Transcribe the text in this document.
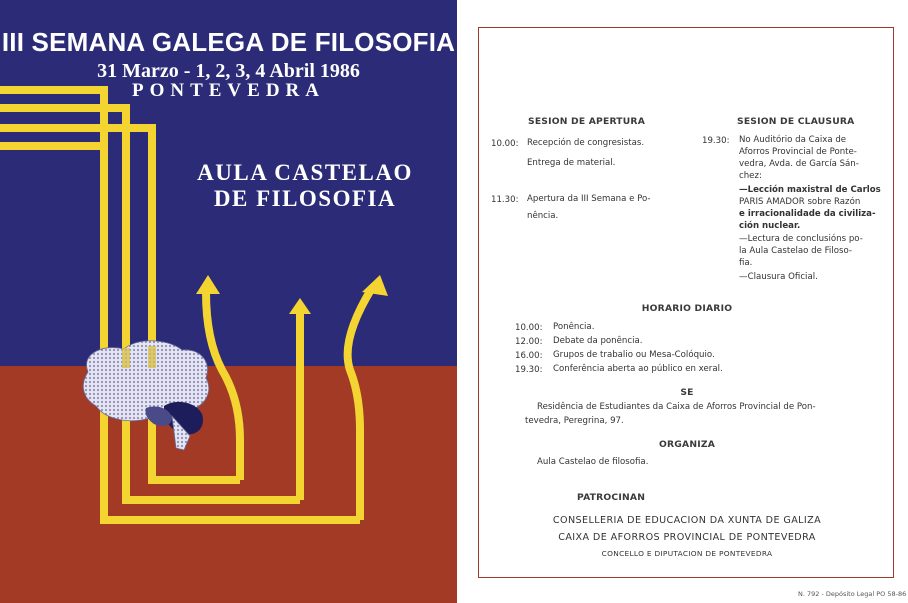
III SEMANA GALEGA DE FILOSOFIA
31 Marzo - 1, 2, 3, 4 Abril 1986
PONTEVEDRA
AULA CASTELAO
DE FILOSOFIA
SESION DE APERTURA
10.00: Recepción de congresistas.
Entrega de material.
11.30: Apertura da III Semana e Po-
nência.
SESION DE CLAUSURA
19.30: No Auditório da Caixa de
Aforros Provincial de Ponte-
vedra, Avda. de García Sán-
chez:
—Lección maxistral de Carlos
PARIS AMADOR sobre Razón
e irracionalidade da civiliza-
ción nuclear.
—Lectura de conclusións po-
la Aula Castelao de Filoso-
fia.
—Clausura Oficial.
HORARIO DIARIO
10.00: Ponência.
12.00: Debate da ponência.
16.00: Grupos de trabalio ou Mesa-Colóquio.
19.30: Conferência aberta ao público en xeral.
SE
Residência de Estudiantes da Caixa de Aforros Provincial de Pon-
tevedra, Peregrina, 97.
ORGANIZA
Aula Castelao de filosofia.
PATROCINAN
CONSELLERIA DE EDUCACION DA XUNTA DE GALIZA
CAIXA DE AFORROS PROVINCIAL DE PONTEVEDRA
CONCELLO E DIPUTACION DE PONTEVEDRA
N. 792 - Depósito Legal PO 58-86
